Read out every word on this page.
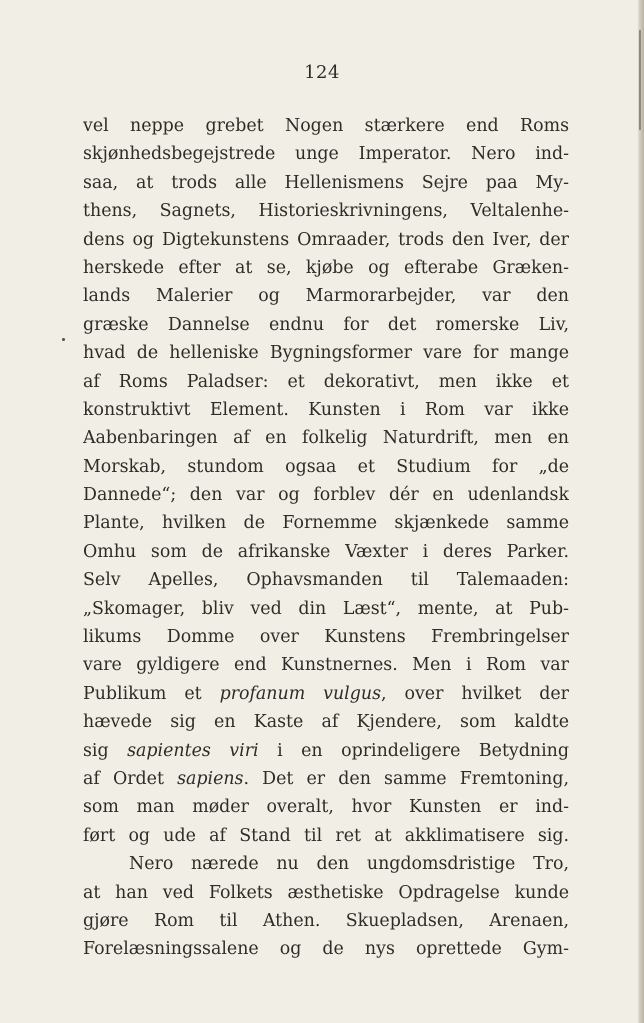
124
vel neppe grebet Nogen stærkere end Roms
skjønhedsbegejstrede unge Imperator. Nero ind-
saa, at trods alle Hellenismens Sejre paa My-
thens, Sagnets, Historieskrivningens, Veltalenhe-
dens og Digtekunstens Omraader, trods den Iver, der
herskede efter at se, kjøbe og efterabe Græken-
lands Malerier og Marmorarbejder, var den
græske Dannelse endnu for det romerske Liv,
hvad de helleniske Bygningsformer vare for mange
af Roms Paladser: et dekorativt, men ikke et
konstruktivt Element. Kunsten i Rom var ikke
Aabenbaringen af en folkelig Naturdrift, men en
Morskab, stundom ogsaa et Studium for „de
Dannede“; den var og forblev dér en udenlandsk
Plante, hvilken de Fornemme skjænkede samme
Omhu som de afrikanske Væxter i deres Parker.
Selv Apelles, Ophavsmanden til Talemaaden:
„Skomager, bliv ved din Læst“, mente, at Pub-
likums Domme over Kunstens Frembringelser
vare gyldigere end Kunstnernes. Men i Rom var
Publikum et profanum vulgus, over hvilket der
hævede sig en Kaste af Kjendere, som kaldte
sig sapientes viri i en oprindeligere Betydning
af Ordet sapiens. Det er den samme Fremtoning,
som man møder overalt, hvor Kunsten er ind-
ført og ude af Stand til ret at akklimatisere sig.
Nero nærede nu den ungdomsdristige Tro,
at han ved Folkets æsthetiske Opdragelse kunde
gjøre Rom til Athen. Skuepladsen, Arenaen,
Forelæsningssalene og de nys oprettede Gym-
